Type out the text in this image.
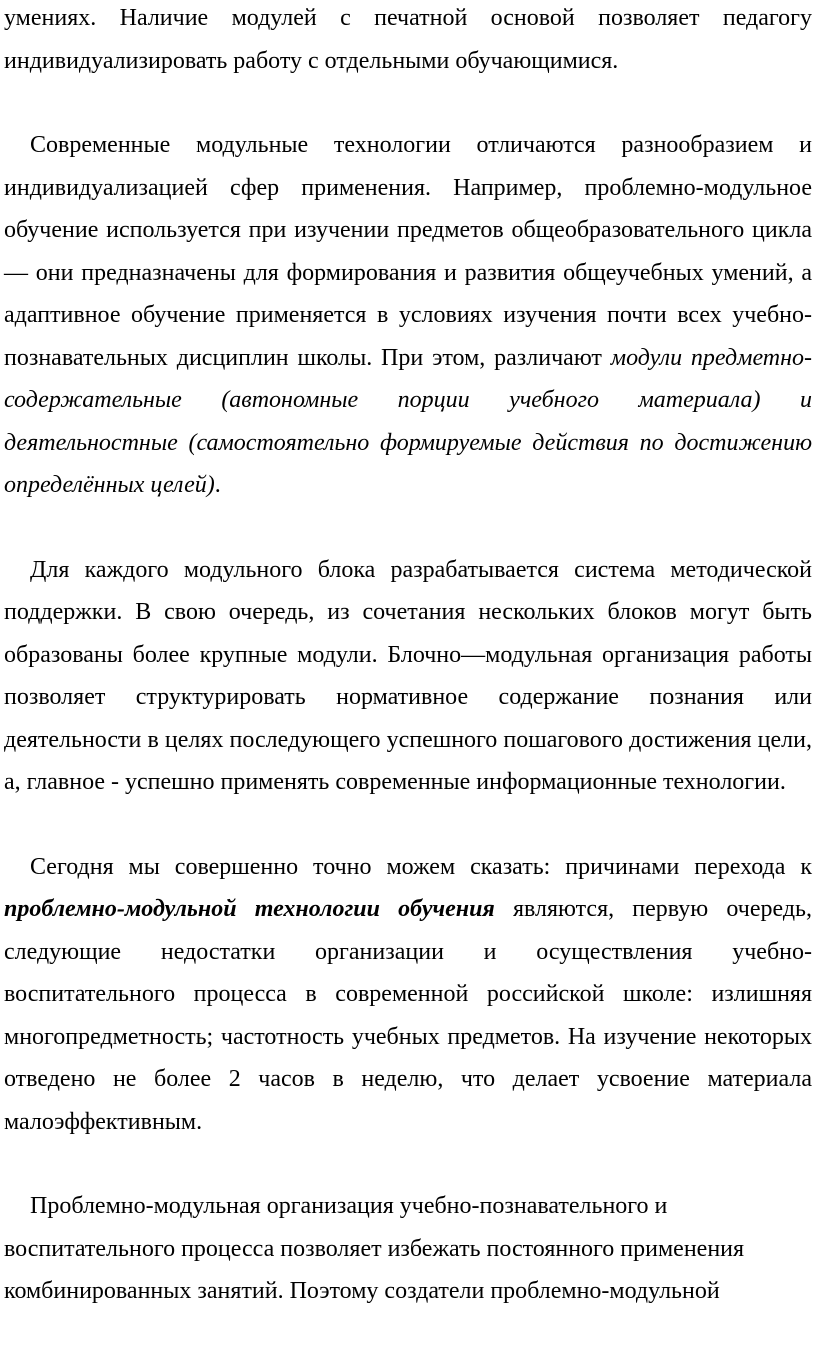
умениях. Наличие модулей с печатной основой позволяет педагогу индивидуализировать работу с отдельными обучающимися.

Современные модульные технологии отличаются разнообразием и индивидуализацией сфер применения. Например, проблемно-модульное обучение используется при изучении предметов общеобразовательного цикла — они предназначены для формирования и развития общеучебных умений, а адаптивное обучение применяется в условиях изучения почти всех учебно-познавательных дисциплин школы. При этом, различают модули предметно-содержательные (автономные порции учебного материала) и деятельностные (самостоятельно формируемые действия по достижению определённых целей).

Для каждого модульного блока разрабатывается система методической поддержки. В свою очередь, из сочетания нескольких блоков могут быть образованы более крупные модули. Блочно—модульная организация работы позволяет структурировать нормативное содержание познания или деятельности в целях последующего успешного пошагового достижения цели, а, главное - успешно применять современные информационные технологии.

Сегодня мы совершенно точно можем сказать: причинами перехода к проблемно-модульной технологии обучения являются, первую очередь, следующие недостатки организации и осуществления учебно-воспитательного процесса в современной российской школе: излишняя многопредметность; частотность учебных предметов. На изучение некоторых отведено не более 2 часов в неделю, что делает усвоение материала малоэффективным.

Проблемно-модульная организация учебно-познавательного и воспитательного процесса позволяет избежать постоянного применения комбинированных занятий. Поэтому создатели проблемно-модульной
